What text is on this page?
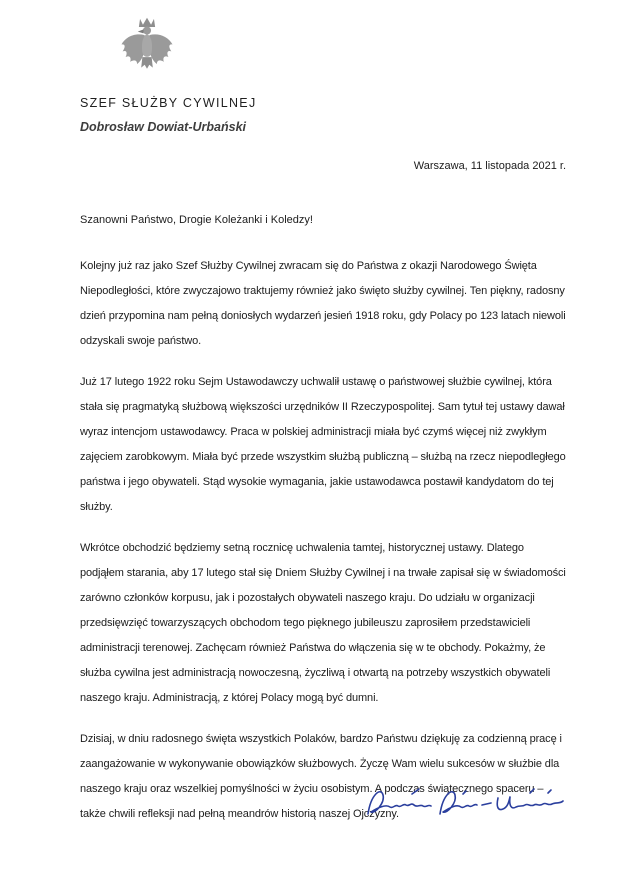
SZEF SŁUŻBY CYWILNEJ
Dobrosław Dowiat-Urbański
Warszawa, 11 listopada 2021 r.
Szanowni Państwo, Drogie Koleżanki i Koledzy!

Kolejny już raz jako Szef Służby Cywilnej zwracam się do Państwa z okazji Narodowego Święta Niepodległości, które zwyczajowo traktujemy również jako święto służby cywilnej. Ten piękny, radosny dzień przypomina nam pełną doniosłych wydarzeń jesień 1918 roku, gdy Polacy po 123 latach niewoli odzyskali swoje państwo.

Już 17 lutego 1922 roku Sejm Ustawodawczy uchwalił ustawę o państwowej służbie cywilnej, która stała się pragmatyką służbową większości urzędników II Rzeczypospolitej. Sam tytuł tej ustawy dawał wyraz intencjom ustawodawcy. Praca w polskiej administracji miała być czymś więcej niż zwykłym zajęciem zarobkowym. Miała być przede wszystkim służbą publiczną – służbą na rzecz niepodległego państwa i jego obywateli. Stąd wysokie wymagania, jakie ustawodawca postawił kandydatom do tej służby.

Wkrótce obchodzić będziemy setną rocznicę uchwalenia tamtej, historycznej ustawy. Dlatego podjąłem starania, aby 17 lutego stał się Dniem Służby Cywilnej i na trwałe zapisał się w świadomości zarówno członków korpusu, jak i pozostałych obywateli naszego kraju. Do udziału w organizacji przedsięwzięć towarzyszących obchodom tego pięknego jubileuszu zaprosiłem przedstawicieli administracji terenowej. Zachęcam również Państwa do włączenia się w te obchody. Pokażmy, że służba cywilna jest administracją nowoczesną, życzliwą i otwartą na potrzeby wszystkich obywateli naszego kraju. Administracją, z której Polacy mogą być dumni.

Dzisiaj, w dniu radosnego święta wszystkich Polaków, bardzo Państwu dziękuję za codzienną pracę i zaangażowanie w wykonywanie obowiązków służbowych. Życzę Wam wielu sukcesów w służbie dla naszego kraju oraz wszelkiej pomyślności w życiu osobistym. A podczas świątecznego spaceru – także chwili refleksji nad pełną meandrów historią naszej Ojczyzny.
